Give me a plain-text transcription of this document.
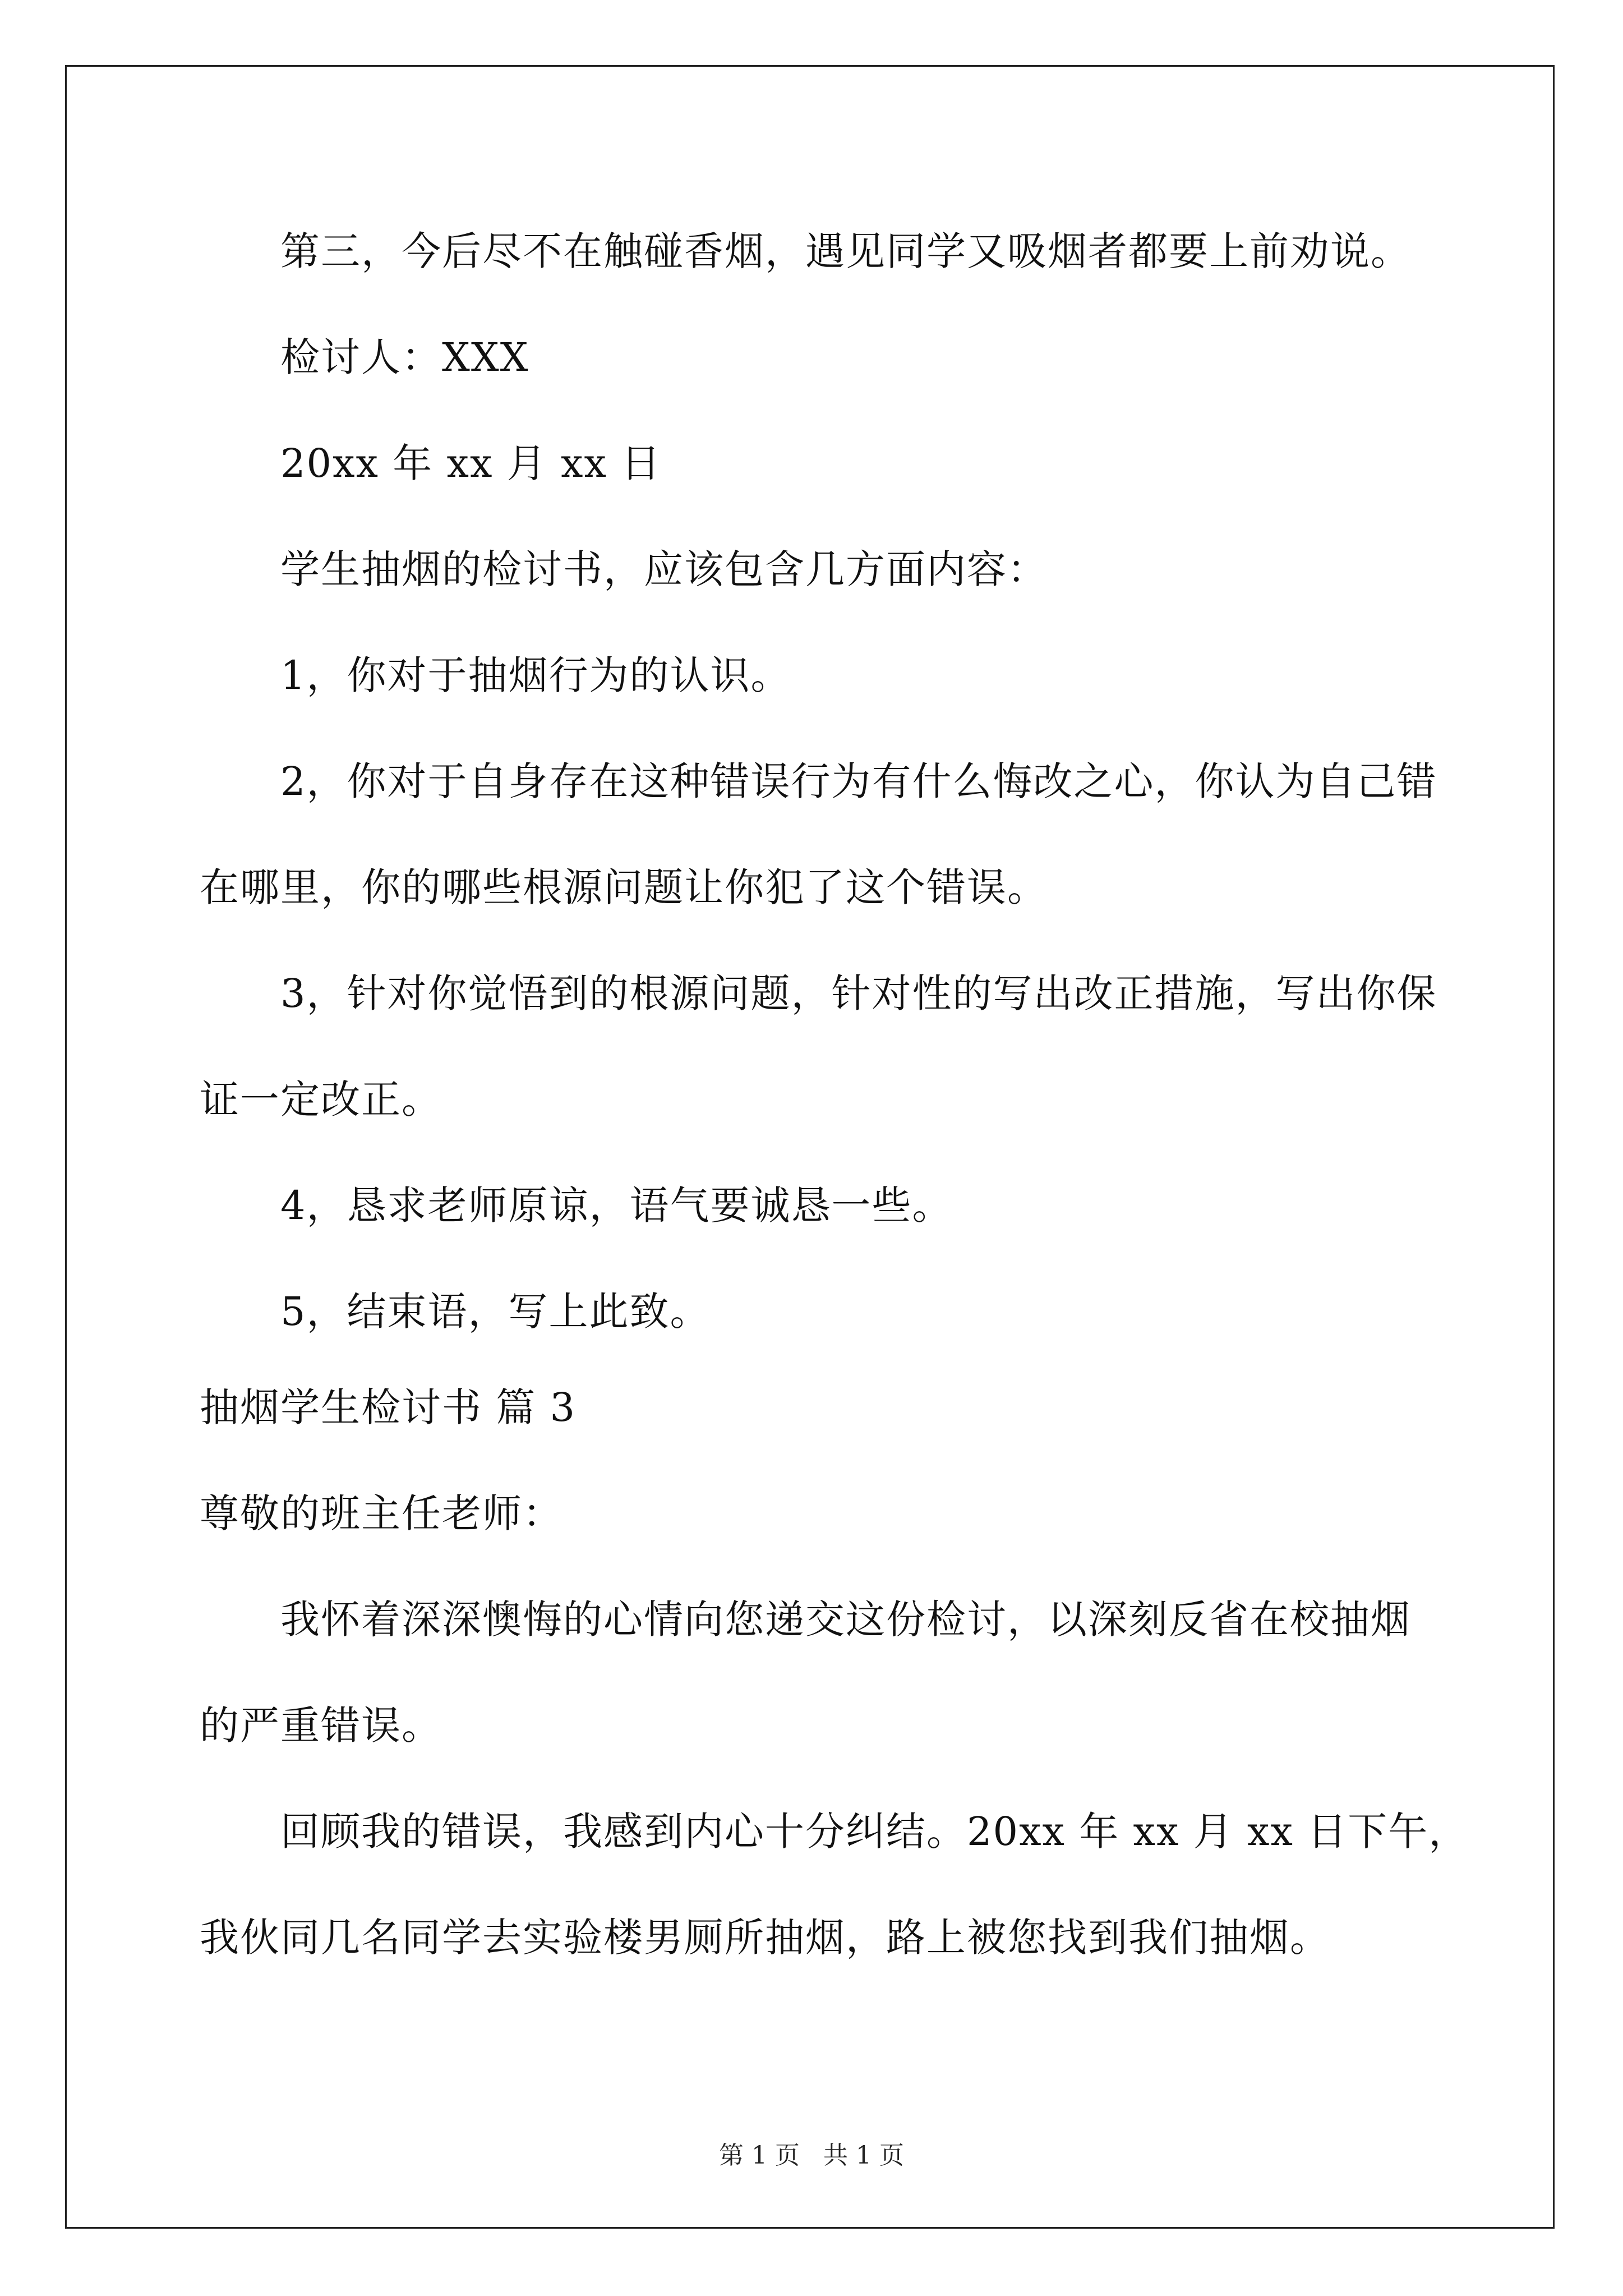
第三，今后尽不在触碰香烟，遇见同学又吸烟者都要上前劝说。
检讨人：XXX
20xx 年 xx 月 xx 日
学生抽烟的检讨书，应该包含几方面内容：
1，你对于抽烟行为的认识。
2，你对于自身存在这种错误行为有什么悔改之心，你认为自己错
在哪里，你的哪些根源问题让你犯了这个错误。
3，针对你觉悟到的根源问题，针对性的写出改正措施，写出你保
证一定改正。
4，恳求老师原谅，语气要诚恳一些。
5，结束语，写上此致。
抽烟学生检讨书 篇 3
尊敬的班主任老师：
我怀着深深懊悔的心情向您递交这份检讨，以深刻反省在校抽烟
的严重错误。
回顾我的错误，我感到内心十分纠结。20xx 年 xx 月 xx 日下午，
我伙同几名同学去实验楼男厕所抽烟，路上被您找到我们抽烟。
第 1 页 共 1 页
